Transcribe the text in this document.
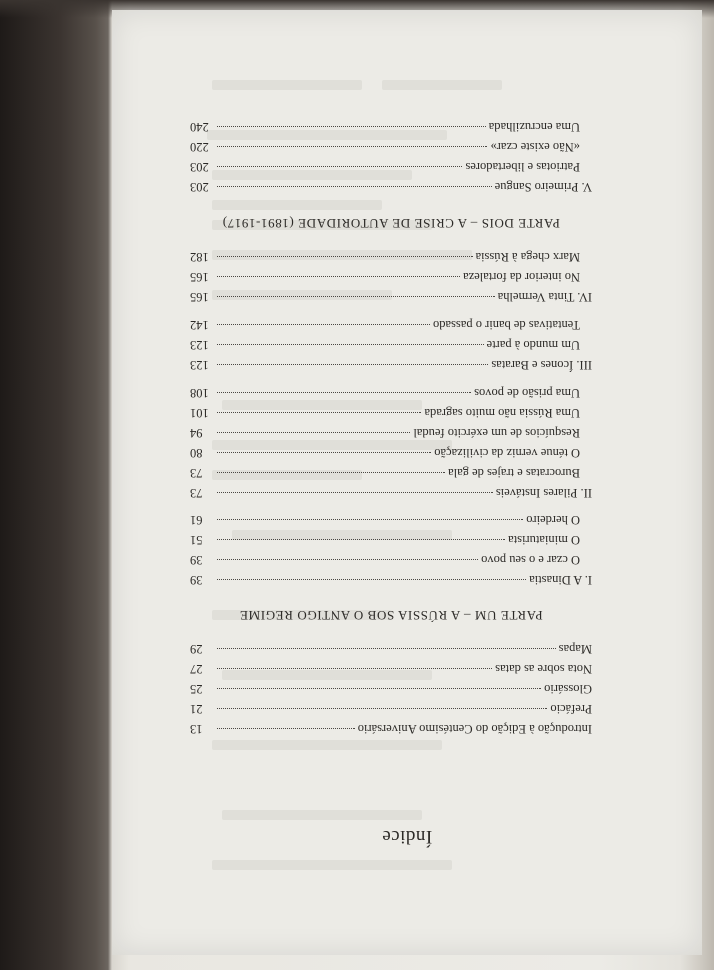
Índice
Introdução à Edição do Centésimo Aniversário
13
Prefácio
21
Glossário
25
Nota sobre as datas
27
Mapas
29
PARTE UM – A RÚSSIA SOB O ANTIGO REGIME
I. A Dinastia
39
O czar e o seu povo
39
O miniaturista
51
O herdeiro
61
II. Pilares Instáveis
73
Burocratas e trajes de gala
73
O ténue verniz da civilização
80
Resquícios de um exército feudal
94
Uma Rússia não muito sagrada
101
Uma prisão de povos
108
III. Ícones e Baratas
123
Um mundo à parte
123
Tentativas de banir o passado
142
IV. Tinta Vermelha
165
No interior da fortaleza
165
Marx chega à Rússia
182
PARTE DOIS – A CRISE DE AUTORIDADE (1891-1917)
V. Primeiro Sangue
203
Patriotas e libertadores
203
«Não existe czar»
220
Uma encruzilhada
240
